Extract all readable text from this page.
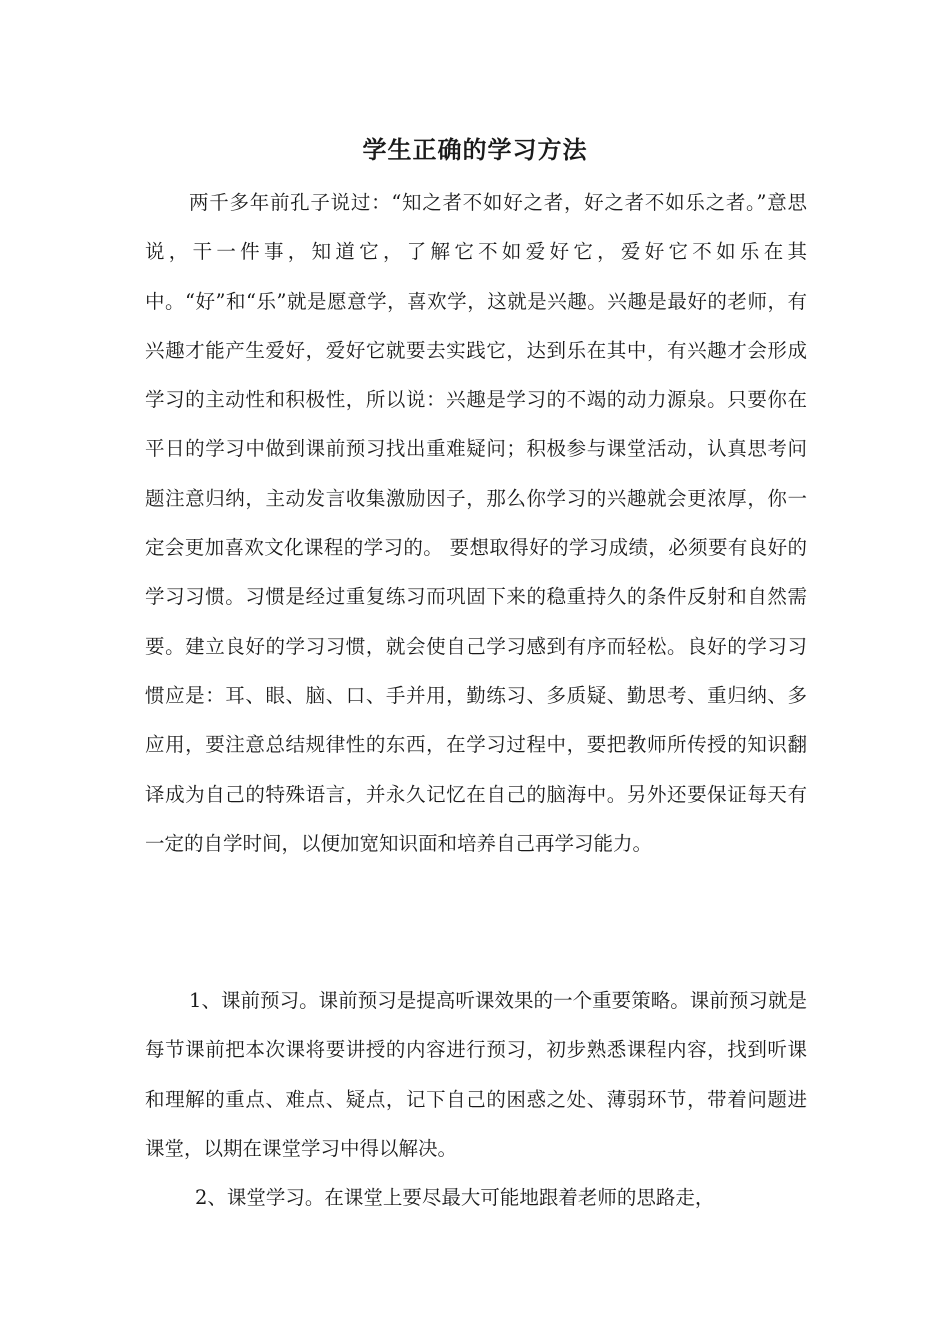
学生正确的学习方法

两千多年前孔子说过：“知之者不如好之者，好之者不如乐之者。”意思说，干一件事，知道它，了解它不如爱好它，爱好它不如乐在其中。“好”和“乐”就是愿意学，喜欢学，这就是兴趣。兴趣是最好的老师，有兴趣才能产生爱好，爱好它就要去实践它，达到乐在其中，有兴趣才会形成学习的主动性和积极性，所以说：兴趣是学习的不竭的动力源泉。只要你在平日的学习中做到课前预习找出重难疑问；积极参与课堂活动，认真思考问题注意归纳，主动发言收集激励因子，那么你学习的兴趣就会更浓厚，你一定会更加喜欢文化课程的学习的。 要想取得好的学习成绩，必须要有良好的学习习惯。习惯是经过重复练习而巩固下来的稳重持久的条件反射和自然需要。建立良好的学习习惯，就会使自己学习感到有序而轻松。良好的学习习惯应是：耳、眼、脑、口、手并用，勤练习、多质疑、勤思考、重归纳、多应用，要注意总结规律性的东西，在学习过程中，要把教师所传授的知识翻译成为自己的特殊语言，并永久记忆在自己的脑海中。另外还要保证每天有一定的自学时间，以便加宽知识面和培养自己再学习能力。

1、课前预习。课前预习是提高听课效果的一个重要策略。课前预习就是每节课前把本次课将要讲授的内容进行预习，初步熟悉课程内容，找到听课和理解的重点、难点、疑点，记下自己的困惑之处、薄弱环节，带着问题进课堂，以期在课堂学习中得以解决。

2、课堂学习。在课堂上要尽最大可能地跟着老师的思路走，
